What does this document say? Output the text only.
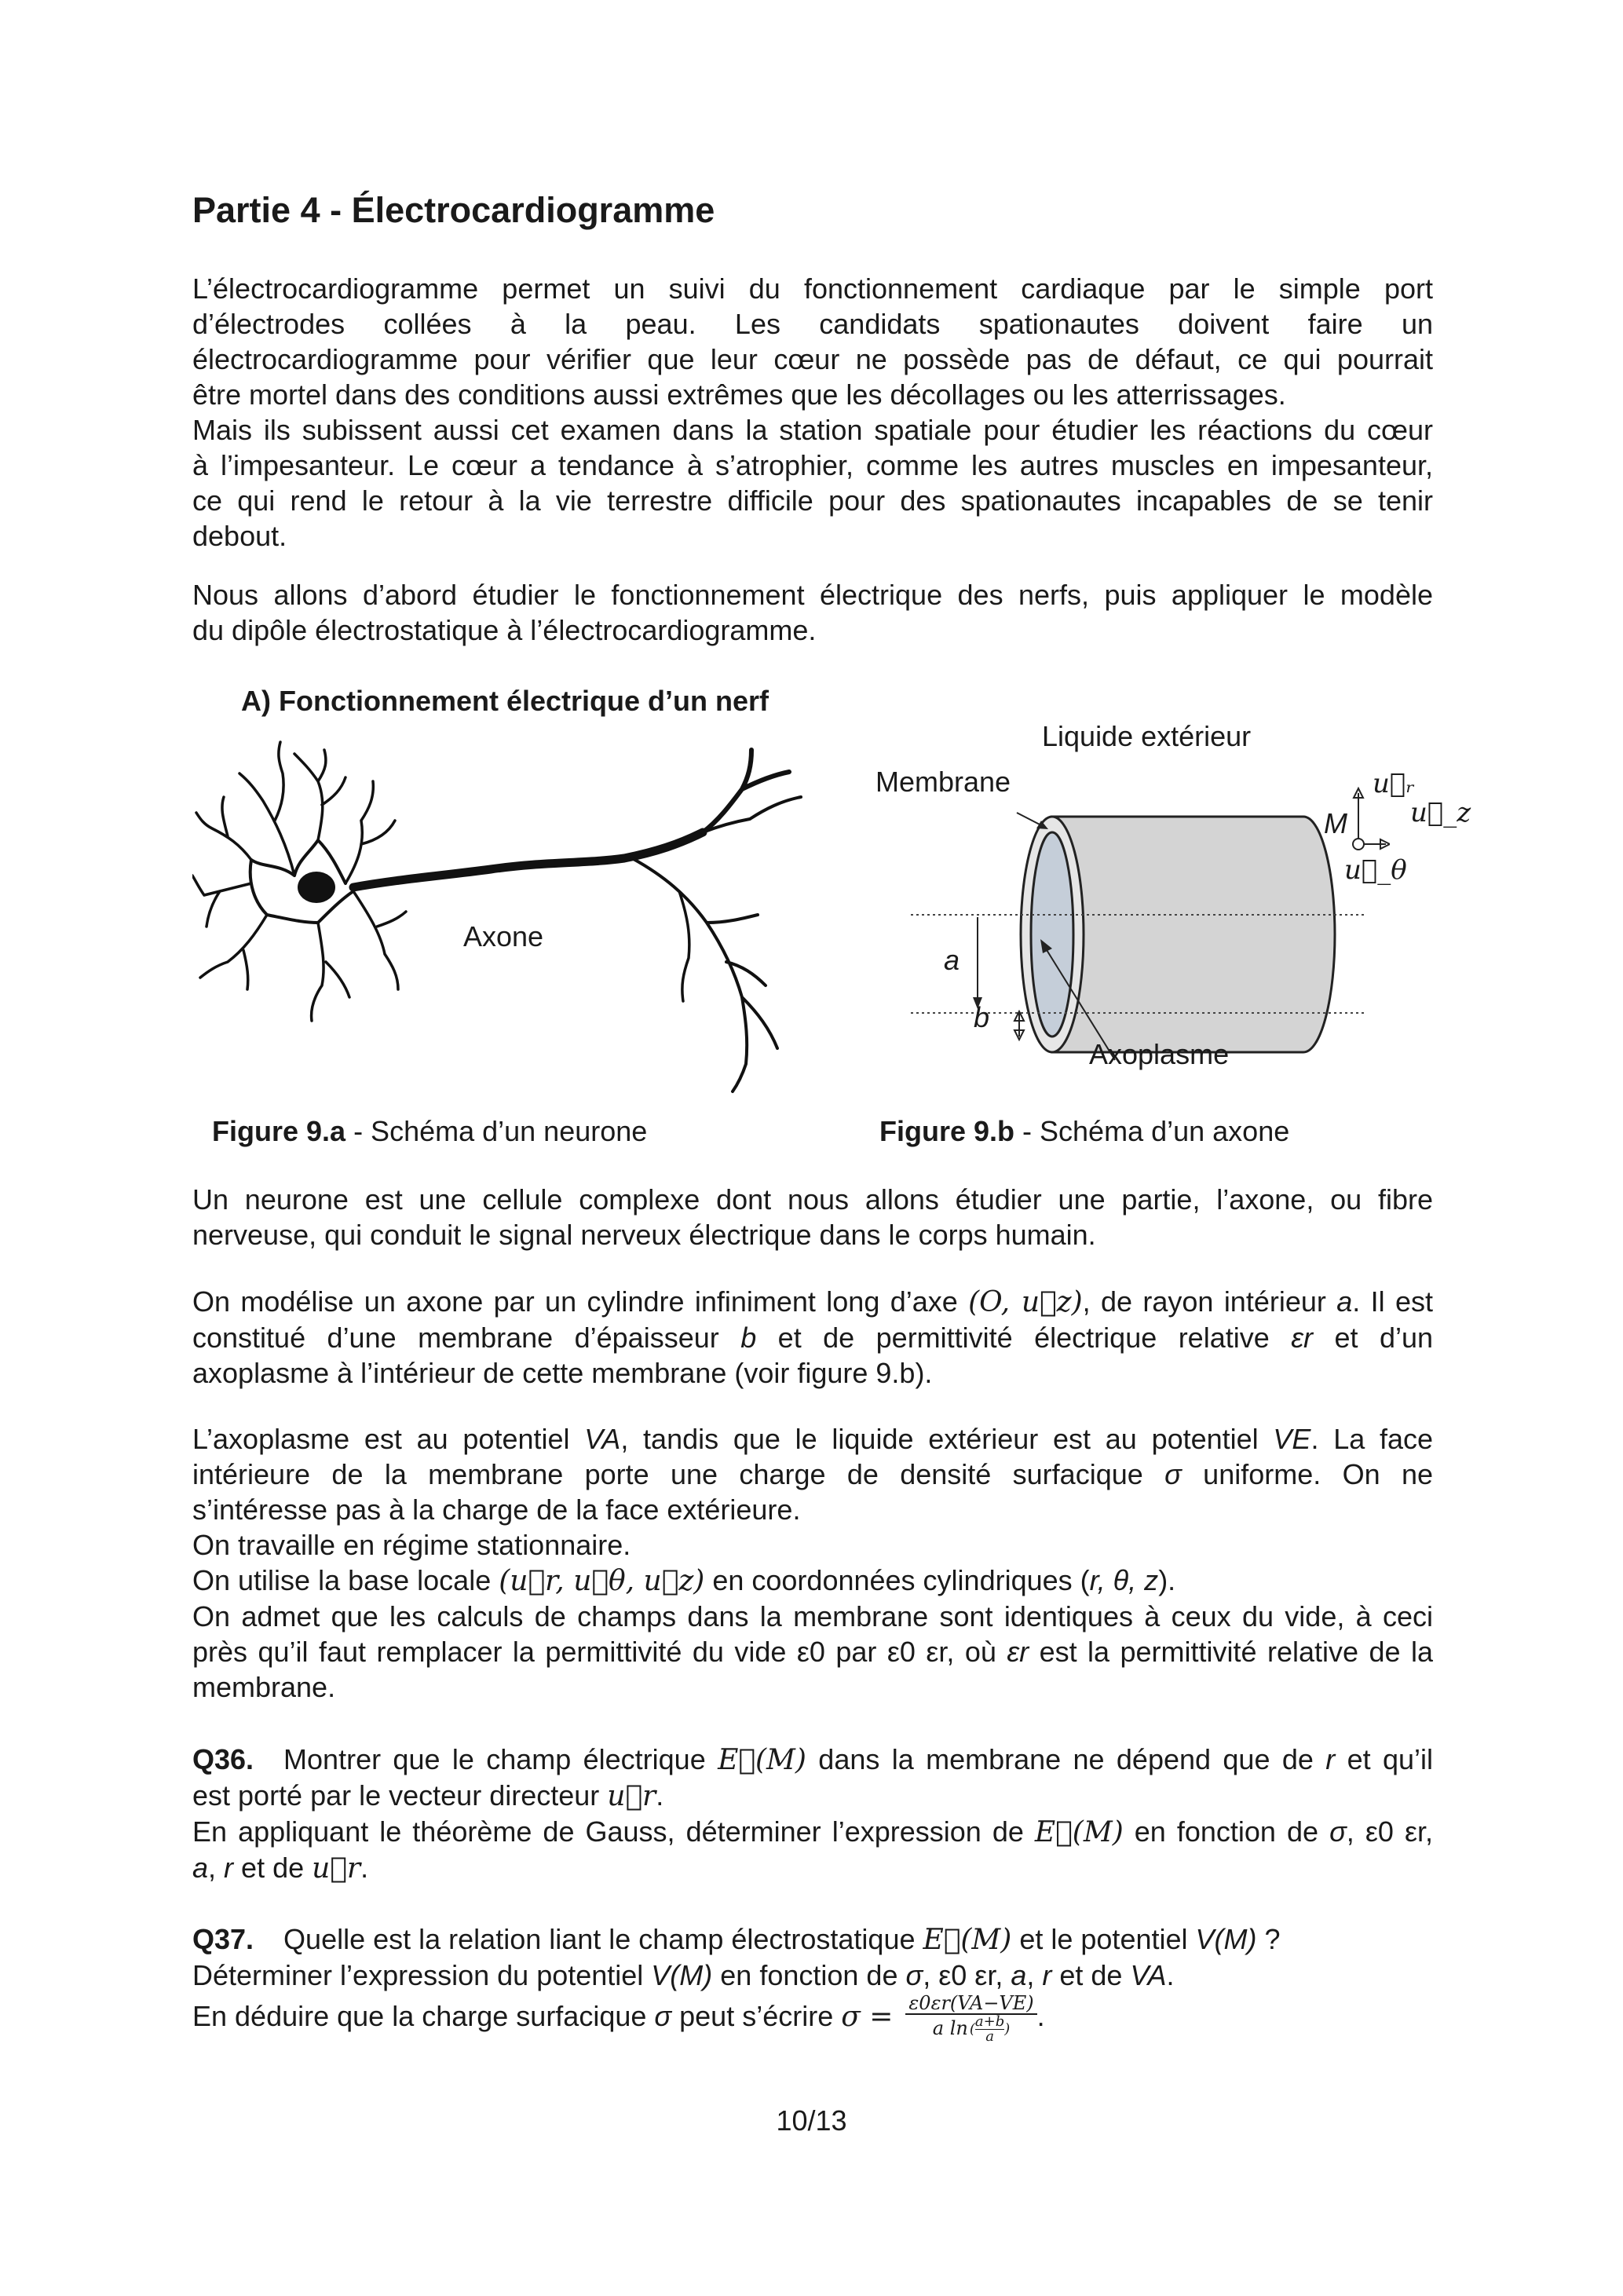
Partie 4 - Électrocardiogramme

L’électrocardiogramme permet un suivi du fonctionnement cardiaque par le simple port

d’électrodes collées à la peau. Les candidats spationautes doivent faire un

électrocardiogramme pour vérifier que leur cœur ne possède pas de défaut, ce qui pourrait

être mortel dans des conditions aussi extrêmes que les décollages ou les atterrissages.

Mais ils subissent aussi cet examen dans la station spatiale pour étudier les réactions du cœur

à l’impesanteur. Le cœur a tendance à s’atrophier, comme les autres muscles en impesanteur,

ce qui rend le retour à la vie terrestre difficile pour des spationautes incapables de se tenir

debout.

Nous allons d’abord étudier le fonctionnement électrique des nerfs, puis appliquer le modèle

du dipôle électrostatique à l’électrocardiogramme.

A) Fonctionnement électrique d’un nerf

Axone
Liquide extérieur
Membrane
Axoplasme
a
b
M
u⃗ᵣ
u⃗_z
u⃗_θ
Figure 9.a - Schéma d’un neurone	Figure 9.b - Schéma d’un axone

Un neurone est une cellule complexe dont nous allons étudier une partie, l’axone, ou fibre

nerveuse, qui conduit le signal nerveux électrique dans le corps humain.

On modélise un axone par un cylindre infiniment long d’axe (O, u⃗z), de rayon intérieur a. Il est

constitué d’une membrane d’épaisseur b et de permittivité électrique relative εr et d’un

axoplasme à l’intérieur de cette membrane (voir figure 9.b).

L’axoplasme est au potentiel VA, tandis que le liquide extérieur est au potentiel VE. La face

intérieure de la membrane porte une charge de densité surfacique σ uniforme. On ne

s’intéresse pas à la charge de la face extérieure.

On travaille en régime stationnaire.

On utilise la base locale (u⃗r, u⃗θ, u⃗z) en coordonnées cylindriques (r, θ, z).

On admet que les calculs de champs dans la membrane sont identiques à ceux du vide, à ceci

près qu’il faut remplacer la permittivité du vide ε0 par ε0 εr, où εr est la permittivité relative de la

membrane.

Q36. Montrer que le champ électrique E⃗(M) dans la membrane ne dépend que de r et qu’il

est porté par le vecteur directeur u⃗r.

En appliquant le théorème de Gauss, déterminer l’expression de E⃗(M) en fonction de σ, ε0 εr,

a, r et de u⃗r.

Q37. Quelle est la relation liant le champ électrostatique E⃗(M) et le potentiel V(M) ?

Déterminer l’expression du potentiel V(M) en fonction de σ, ε0 εr, a, r et de VA.

En déduire que la charge surfacique σ peut s’écrire $\sigma = \frac{\varepsilon 0\varepsilon r(VA-VE)}{a \ln ( \frac{a+b}{a} )}$ .

10/13
